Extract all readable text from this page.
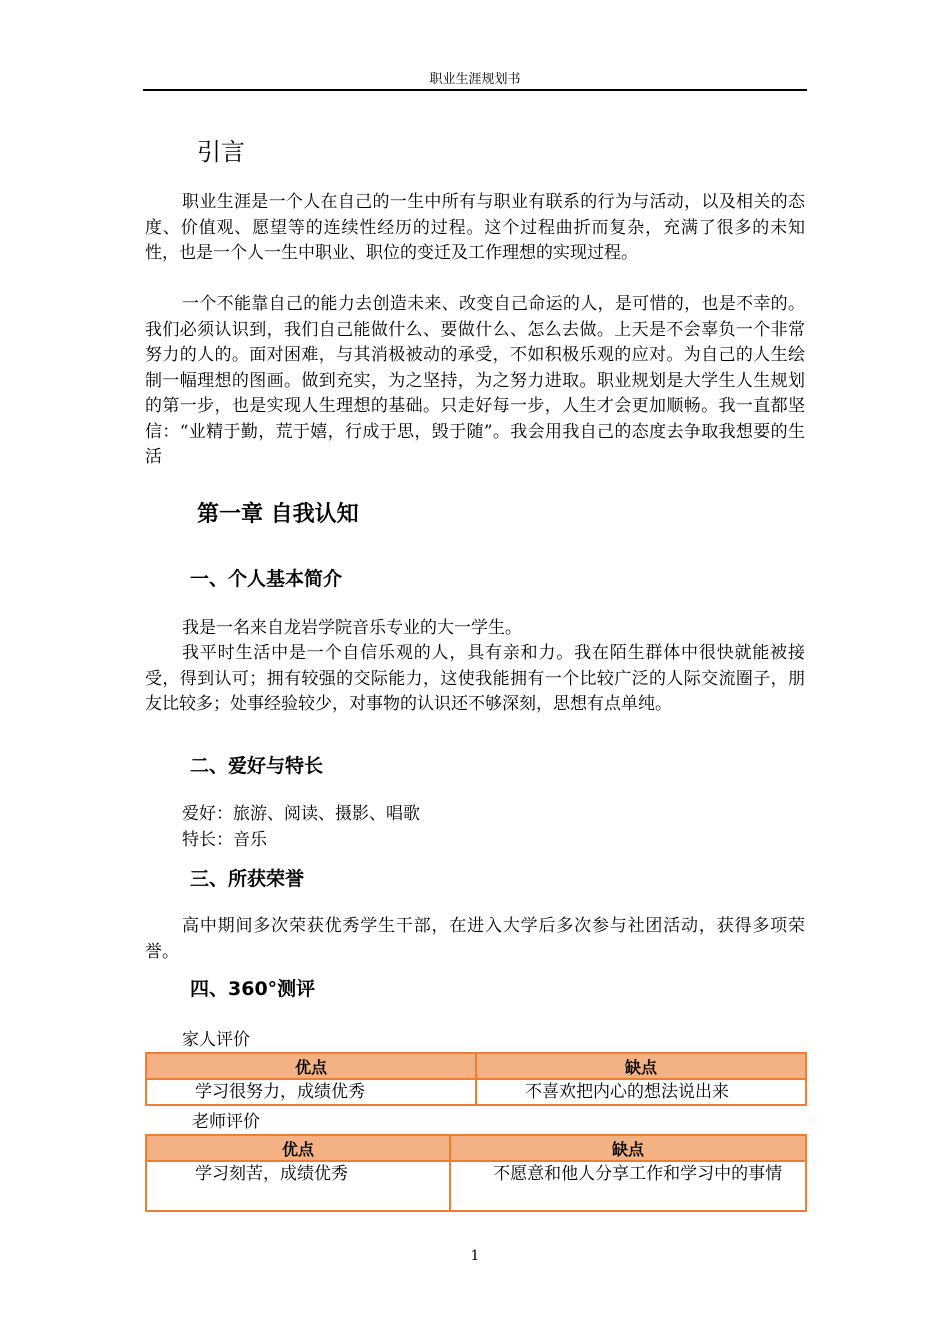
职业生涯规划书
引言

职业生涯是一个人在自己的一生中所有与职业有联系的行为与活动，以及相关的态度、价值观、愿望等的连续性经历的过程。这个过程曲折而复杂，充满了很多的未知性，也是一个人一生中职业、职位的变迁及工作理想的实现过程。

一个不能靠自己的能力去创造未来、改变自己命运的人，是可惜的，也是不幸的。我们必须认识到，我们自己能做什么、要做什么、怎么去做。上天是不会辜负一个非常努力的人的。面对困难，与其消极被动的承受，不如积极乐观的应对。为自己的人生绘制一幅理想的图画。做到充实，为之坚持，为之努力进取。职业规划是大学生人生规划的第一步，也是实现人生理想的基础。只走好每一步，人生才会更加顺畅。我一直都坚信：“业精于勤，荒于嬉，行成于思，毁于随”。我会用我自己的态度去争取我想要的生活

第一章 自我认知
一、个人基本简介

我是一名来自龙岩学院音乐专业的大一学生。

我平时生活中是一个自信乐观的人，具有亲和力。我在陌生群体中很快就能被接受，得到认可；拥有较强的交际能力，这使我能拥有一个比较广泛的人际交流圈子，朋友比较多；处事经验较少，对事物的认识还不够深刻，思想有点单纯。

二、爱好与特长

爱好：旅游、阅读、摄影、唱歌

特长：音乐

三、所获荣誉

高中期间多次荣获优秀学生干部，在进入大学后多次参与社团活动，获得多项荣誉。

四、360°测评

家人评价

优点	缺点
学习很努力，成绩优秀	不喜欢把内心的想法说出来

老师评价

优点	缺点
学习刻苦，成绩优秀	不愿意和他人分享工作和学习中的事情
1
